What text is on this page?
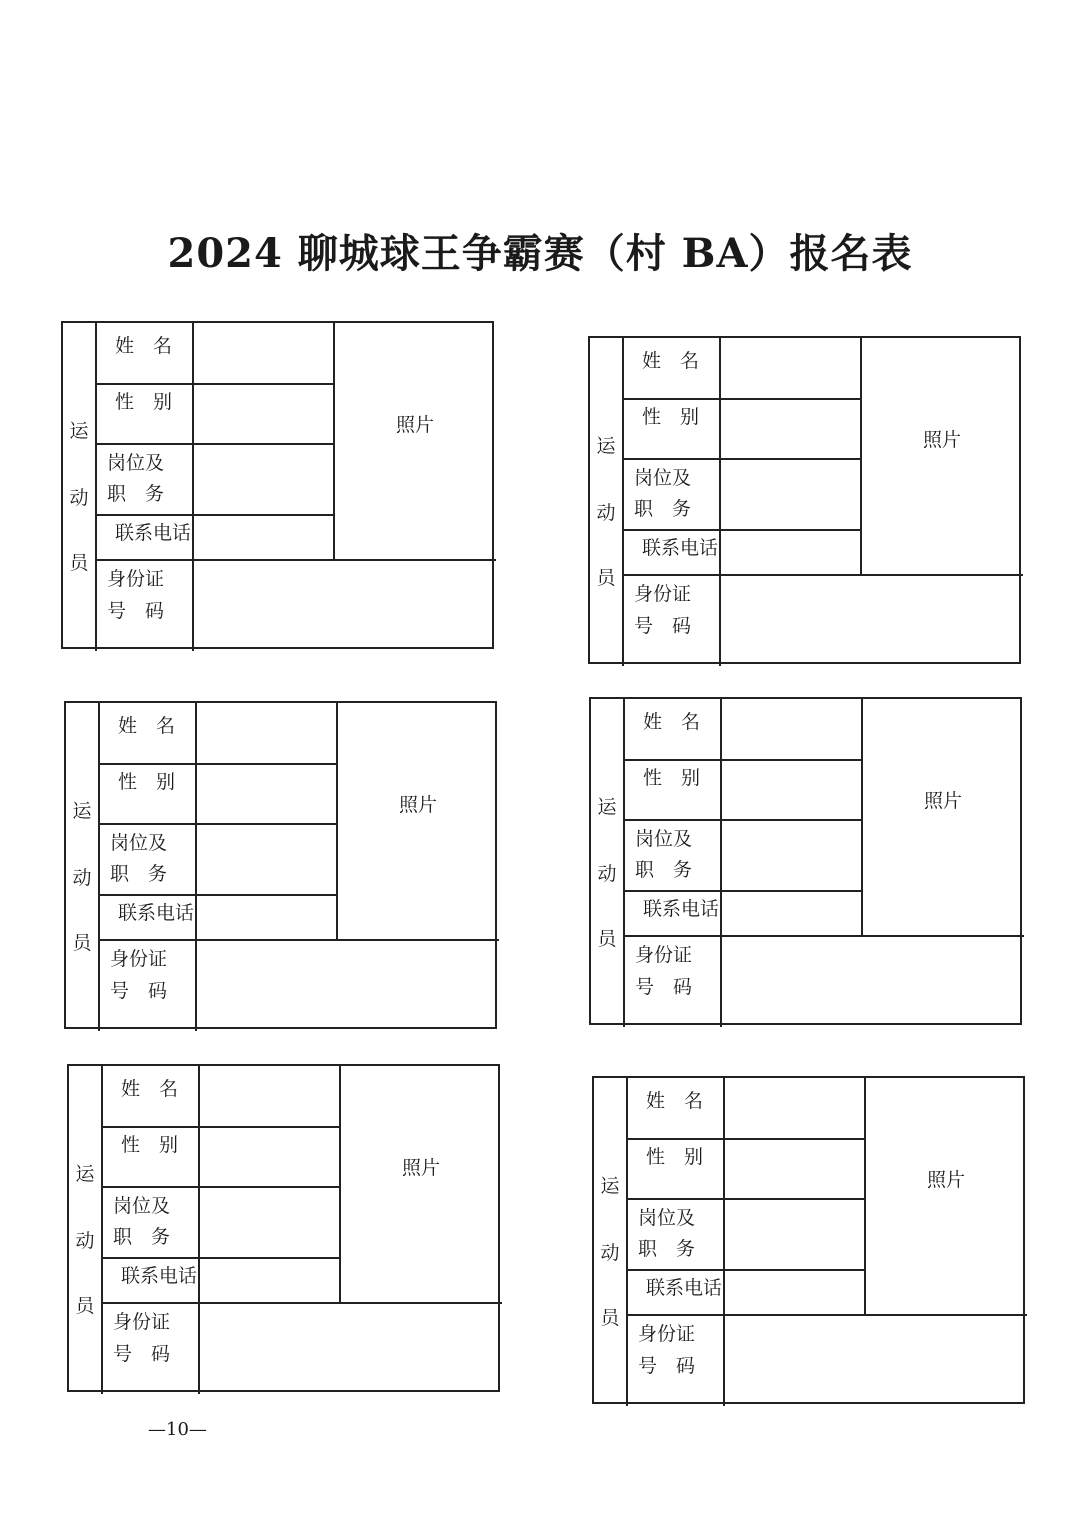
2024 聊城球王争霸赛（村 BA）报名表
运
动
员
姓　名
性　别
岗位及
职　务
联系电话
身份证
号　码
照片
运
动
员
姓　名
性　别
岗位及
职　务
联系电话
身份证
号　码
照片
运
动
员
姓　名
性　别
岗位及
职　务
联系电话
身份证
号　码
照片	运
动
员
姓　名
性　别
岗位及
职　务
联系电话
身份证
号　码
照片
运
动
员
姓　名
性　别
岗位及
职　务
联系电话
身份证
号　码
照片
运
动
员
姓　名
性　别
岗位及
职　务
联系电话
身份证
号　码
照片
—10—
